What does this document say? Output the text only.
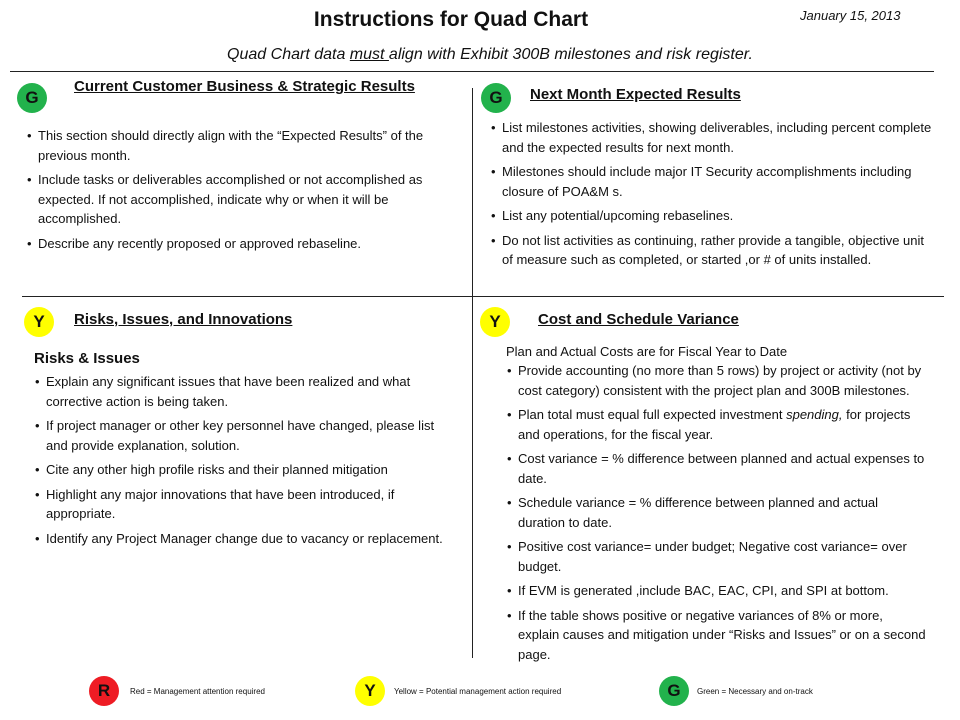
Instructions for Quad Chart	January 15, 2013
Quad Chart data must align with Exhibit 300B milestones and risk register.
G
Current Customer Business & Strategic Results
• This section should directly align with the “Expected Results” of the previous month.
• Include tasks or deliverables accomplished or not accomplished as expected. If not accomplished, indicate why or when it will be accomplished.
• Describe any recently proposed or approved rebaseline.
G	Next Month Expected Results
• List milestones activities, showing deliverables, including percent complete and the expected results for next month.
• Milestones should include major IT Security accomplishments including closure of POA&M s.
• List any potential/upcoming rebaselines.
• Do not list activities as continuing, rather provide a tangible, objective unit of measure such as completed, or started ,or # of units installed.
Y	Risks, Issues, and Innovations
Risks & Issues
• Explain any significant issues that have been realized and what corrective action is being taken.
• If project manager or other key personnel have changed, please list and provide explanation, solution.
• Cite any other high profile risks and their planned mitigation
• Highlight any major innovations that have been introduced, if appropriate.
• Identify any Project Manager change due to vacancy or replacement.
Y	Cost and Schedule Variance
Plan and Actual Costs are for Fiscal Year to Date
• Provide accounting (no more than 5 rows) by project or activity (not by cost category) consistent with the project plan and 300B milestones.
• Plan total must equal full expected investment spending, for projects and operations, for the fiscal year.
• Cost variance = % difference between planned and actual expenses to date.
• Schedule variance = % difference between planned and actual duration to date.
• Positive cost variance= under budget; Negative cost variance= over budget.
• If EVM is generated ,include BAC, EAC, CPI, and SPI at bottom.
• If the table shows positive or negative variances of 8% or more, explain causes and mitigation under “Risks and Issues” or on a second page.
R	Red = Management attention required	Y	Yellow = Potential management action required	G	Green = Necessary and on-track
